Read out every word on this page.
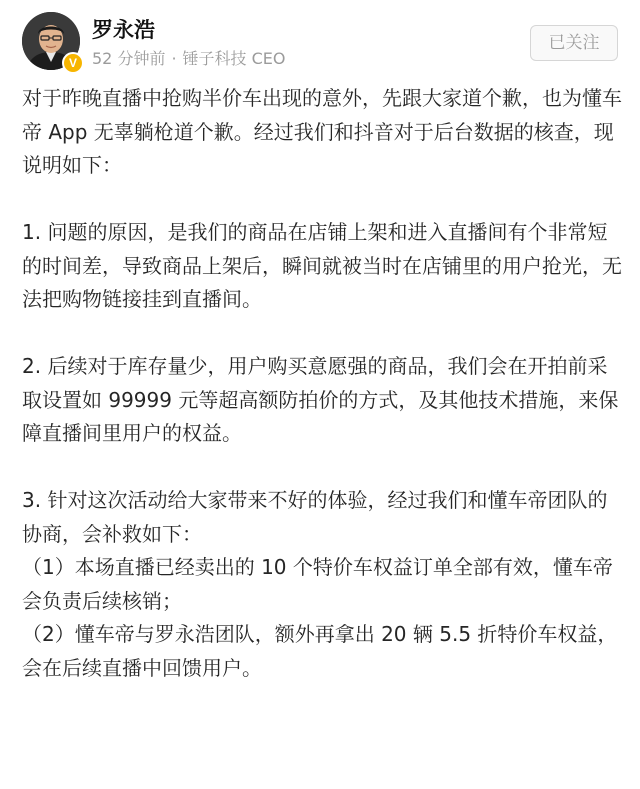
V
罗永浩
52 分钟前 · 锤子科技 CEO
已关注

对于昨晚直播中抢购半价车出现的意外，先跟大家道个歉，也为懂车帝 App 无辜躺枪道个歉。经过我们和抖音对于后台数据的核查，现说明如下：

1. 问题的原因，是我们的商品在店铺上架和进入直播间有个非常短的时间差，导致商品上架后，瞬间就被当时在店铺里的用户抢光，无法把购物链接挂到直播间。

2. 后续对于库存量少，用户购买意愿强的商品，我们会在开拍前采取设置如 99999 元等超高额防拍价的方式，及其他技术措施，来保障直播间里用户的权益。

3. 针对这次活动给大家带来不好的体验，经过我们和懂车帝团队的协商，会补救如下：

（1）本场直播已经卖出的 10 个特价车权益订单全部有效，懂车帝会负责后续核销；

（2）懂车帝与罗永浩团队，额外再拿出 20 辆 5.5 折特价车权益，会在后续直播中回馈用户。
